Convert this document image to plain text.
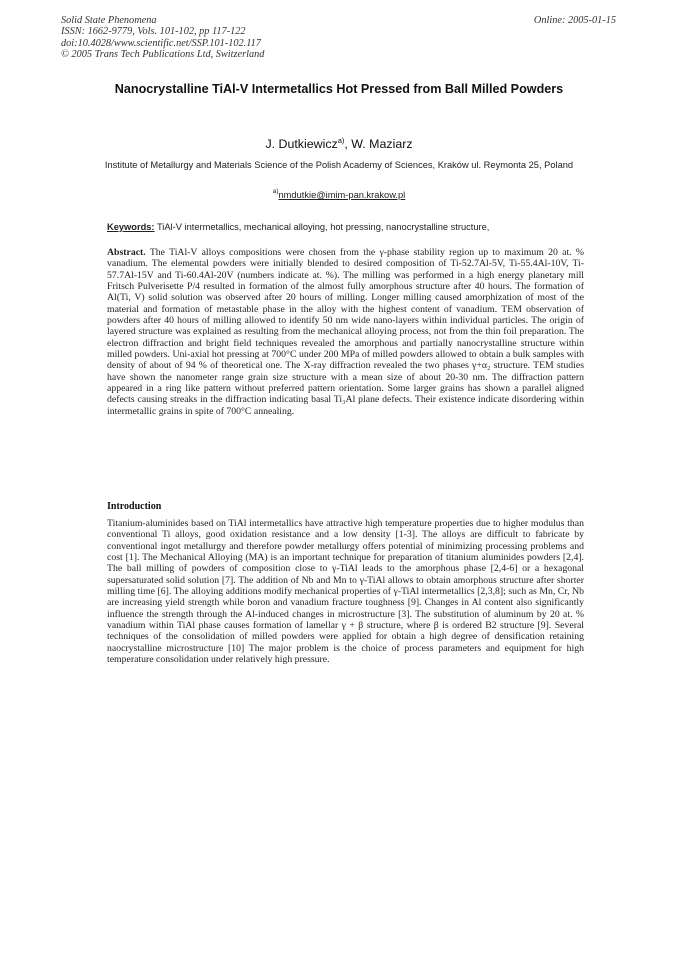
Solid State Phenomena
ISSN: 1662-9779, Vols. 101-102, pp 117-122
doi:10.4028/www.scientific.net/SSP.101-102.117
© 2005 Trans Tech Publications Ltd, Switzerland
Online: 2005-01-15
Nanocrystalline TiAl-V Intermetallics Hot Pressed from Ball Milled Powders
J. Dutkiewicz$^{a)}$, W. Maziarz
Institute of Metallurgy and Materials Science of the Polish Academy of Sciences, Kraków ul. Reymonta 25, Poland
$^{a)}$nmdutkie@imim-pan.krakow.pl
Keywords: TiAl-V intermetallics, mechanical alloying, hot pressing, nanocrystalline structure,
Abstract. The TiAl-V alloys compositions were chosen from the γ-phase stability region up to maximum 20 at. % vanadium. The elemental powders were initially blended to desired composition of Ti-52.7Al-5V, Ti-55.4Al-10V, Ti-57.7Al-15V and Ti-60.4Al-20V (numbers indicate at. %). The milling was performed in a high energy planetary mill Fritsch Pulverisette P/4 resulted in formation of the almost fully amorphous structure after 40 hours. The formation of Al(Ti, V) solid solution was observed after 20 hours of milling. Longer milling caused amorphization of most of the material and formation of metastable phase in the alloy with the highest content of vanadium. TEM observation of powders after 40 hours of milling allowed to identify 50 nm wide nano-layers within individual particles. The origin of layered structure was explained as resulting from the mechanical alloying process, not from the thin foil preparation. The electron diffraction and bright field techniques revealed the amorphous and partially nanocrystalline structure within milled powders. Uni-axial hot pressing at 700°C under 200 MPa of milled powders allowed to obtain a bulk samples with density of about of 94 % of theoretical one. The X-ray diffraction revealed the two phases γ+α₂ structure. TEM studies have shown the nanometer range grain size structure with a mean size of about 20-30 nm. The diffraction pattern appeared in a ring like pattern without preferred pattern orientation. Some larger grains has shown a parallel aligned defects causing streaks in the diffraction indicating basal Ti₃Al plane defects. Their existence indicate disordering within intermetallic grains in spite of 700°C annealing.
Introduction
Titanium-aluminides based on TiAl intermetallics have attractive high temperature properties due to higher modulus than conventional Ti alloys, good oxidation resistance and a low density [1-3]. The alloys are difficult to fabricate by conventional ingot metallurgy and therefore powder metallurgy offers potential of minimizing processing problems and cost [1]. The Mechanical Alloying (MA) is an important technique for preparation of titanium aluminides powders [2,4]. The ball milling of powders of composition close to γ-TiAl leads to the amorphous phase [2,4-6] or a hexagonal supersaturated solid solution [7]. The addition of Nb and Mn to γ-TiAl allows to obtain amorphous structure after shorter milling time [6]. The alloying additions modify mechanical properties of γ-TiAl intermetallics [2,3,8]; such as Mn, Cr, Nb are increasing yield strength while boron and vanadium fracture toughness [9]. Changes in Al content also significantly influence the strength through the Al-induced changes in microstructure [3]. The substitution of aluminum by 20 at. % vanadium within TiAl phase causes formation of lamellar γ + β structure, where β is ordered B2 structure [9]. Several techniques of the consolidation of milled powders were applied for obtain a high degree of densification retaining naocrystalline microstructure [10] The major problem is the choice of process parameters and equipment for high temperature consolidation under relatively high pressure.
